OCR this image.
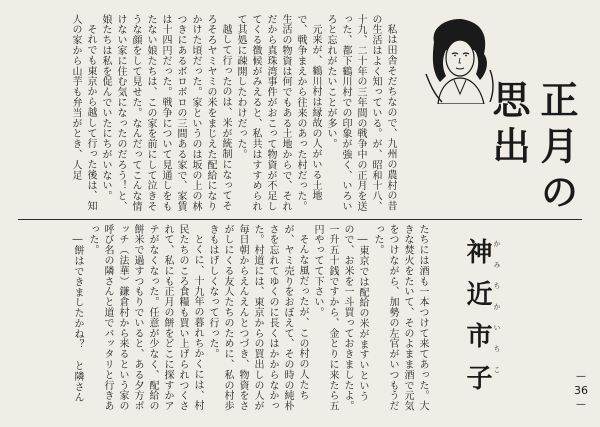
正月の思出
神近市子 かみちかいちこ

私は田舎そだちなので、九州の農村の昔の生活はよく知っている。が、昭和十八、十九、二十年の三年間の戦争中の正月を送った、都下鶴川村での印象が強く、いろいろと忘れがたいことが多い。

元来が、鶴川村は縁故の人がいる土地で、戦争まえから往来のあった村だった。生活の物資は何でもある土地からで、それだから真珠湾事件がおこって物資が不足してくる徴候がみえると、私共はすすめられて其処に疎開したわけだった。

越して行ったのは、米が統制になってそろそろヤミヤミの米をまじえた配給になりかけた頃だった。家というのは坂の上の林つきにあるボロボロの三間ある家で、家賃は十四円だった。戦争について見通しをもたない娘たちは、この家を前にして泣きそうな顔をして見せた。なんだってこんな情けない家に住む気になったのだろう！と、娘たちは私を促んでいたにちがいない。

それでも東京から越して行った後は、知人の家から山芋も弁当がとき、人足

たちには酒も一本つけて来てあった。大きな焚火をたいて、そのよまま酒で元気をつけながら、加勢の左官がいつもうだった。

―東京では配給の米がますいという ので、お米を一斗買っておきましたよ。一升五十銭ですから、金とりに来たら五円やってて下さい。

そんな風だったが、この村の人たちが、ヤミ売りをおぼえて、その時の純朴さを忘れてゆくのに長くはかからなかった。村道には、東京からの買出しの人が毎日朝からえんえんとつづき、物資をさがしにくる友人たちのために、私の村歩きもはげしくなって行った。

とくに、十九年の暮れちかくには、村民たちのころ食糧も買い上げられつくされて、私にも正月の餅をどこに探すかアテがなくなった。任意が少なく、配給の餅米で過すつもりでいると、ある夕方ボッチ（法華）鎌倉村から来るという家の呼び名の隣さんと道でバッタリと行きあった。

―餅はできましたかね？ と隣さん	—
36
—
